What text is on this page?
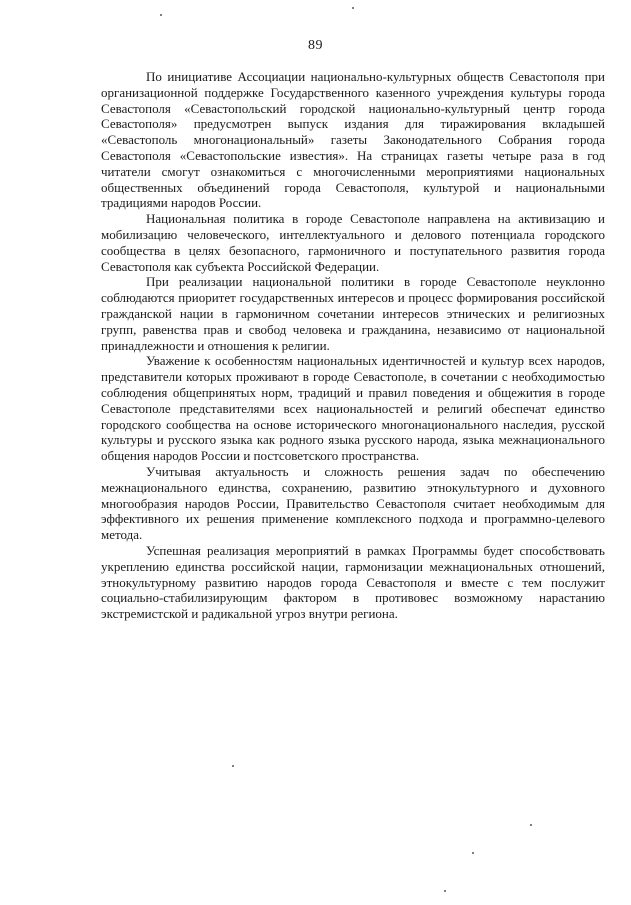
89

По инициативе Ассоциации национально-культурных обществ Севастополя при организационной поддержке Государственного казенного учреждения культуры города Севастополя «Севастопольский городской национально-культурный центр города Севастополя» предусмотрен выпуск издания для тиражирования вкладышей «Севастополь многонациональный» газеты Законодательного Собрания города Севастополя «Севастопольские известия». На страницах газеты четыре раза в год читатели смогут ознакомиться с многочисленными мероприятиями национальных общественных объединений города Севастополя, культурой и национальными традициями народов России.

Национальная политика в городе Севастополе направлена на активизацию и мобилизацию человеческого, интеллектуального и делового потенциала городского сообщества в целях безопасного, гармоничного и поступательного развития города Севастополя как субъекта Российской Федерации.

При реализации национальной политики в городе Севастополе неуклонно соблюдаются приоритет государственных интересов и процесс формирования российской гражданской нации в гармоничном сочетании интересов этнических и религиозных групп, равенства прав и свобод человека и гражданина, независимо от национальной принадлежности и отношения к религии.

Уважение к особенностям национальных идентичностей и культур всех народов, представители которых проживают в городе Севастополе, в сочетании с необходимостью соблюдения общепринятых норм, традиций и правил поведения и общежития в городе Севастополе представителями всех национальностей и религий обеспечат единство городского сообщества на основе исторического многонационального наследия, русской культуры и русского языка как родного языка русского народа, языка межнационального общения народов России и постсоветского пространства.

Учитывая актуальность и сложность решения задач по обеспечению межнационального единства, сохранению, развитию этнокультурного и духовного многообразия народов России, Правительство Севастополя считает необходимым для эффективного их решения применение комплексного подхода и программно-целевого метода.

Успешная реализация мероприятий в рамках Программы будет способствовать укреплению единства российской нации, гармонизации межнациональных отношений, этнокультурному развитию народов города Севастополя и вместе с тем послужит социально-стабилизирующим фактором в противовес возможному нарастанию экстремистской и радикальной угроз внутри региона.
